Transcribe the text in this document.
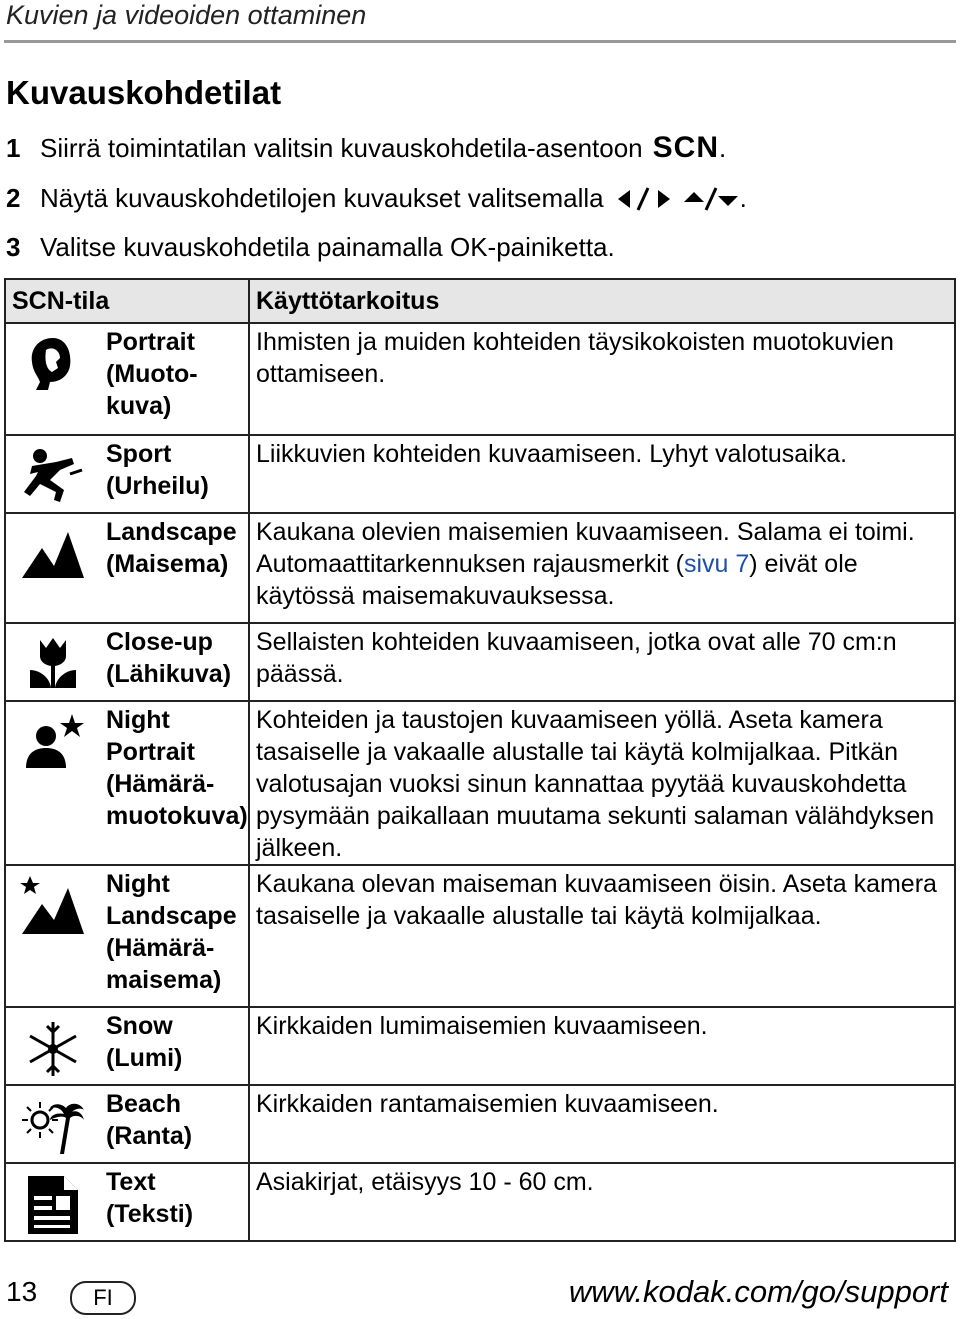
Kuvien ja videoiden ottaminen
Kuvauskohdetilat
1 Siirrä toimintatilan valitsin kuvauskohdetila-asentoon SCN .
2 Näytä kuvauskohdetilojen kuvaukset valitsemalla	.
3 Valitse kuvauskohdetila painamalla OK-painiketta.
SCN-tila		Käyttötarkoitus

	Portrait (Muoto-kuva)	Ihmisten ja muiden kohteiden täysikokoisten muotokuvien ottamiseen.

	Sport (Urheilu)	Liikkuvien kohteiden kuvaamiseen. Lyhyt valotusaika.

	Landscape (Maisema)	Kaukana olevien maisemien kuvaamiseen. Salama ei toimi. Automaattitarkennuksen rajausmerkit (sivu 7) eivät ole käytössä maisemakuvauksessa.

	Close-up (Lähikuva)	Sellaisten kohteiden kuvaamiseen, jotka ovat alle 70 cm:n päässä.

	Night Portrait (Hämärä-muotokuva)	Kohteiden ja taustojen kuvaamiseen yöllä. Aseta kamera tasaiselle ja vakaalle alustalle tai käytä kolmijalkaa. Pitkän valotusajan vuoksi sinun kannattaa pyytää kuvauskohdetta pysymään paikallaan muutama sekunti salaman välähdyksen jälkeen.

	Night Landscape (Hämärä-maisema)	Kaukana olevan maiseman kuvaamiseen öisin. Aseta kamera tasaiselle ja vakaalle alustalle tai käytä kolmijalkaa.

	Snow (Lumi)	Kirkkaiden lumimaisemien kuvaamiseen.

	Beach (Ranta)	Kirkkaiden rantamaisemien kuvaamiseen.

	Text (Teksti)	Asiakirjat, etäisyys 10 - 60 cm.
13	FI	www.kodak.com/go/support
